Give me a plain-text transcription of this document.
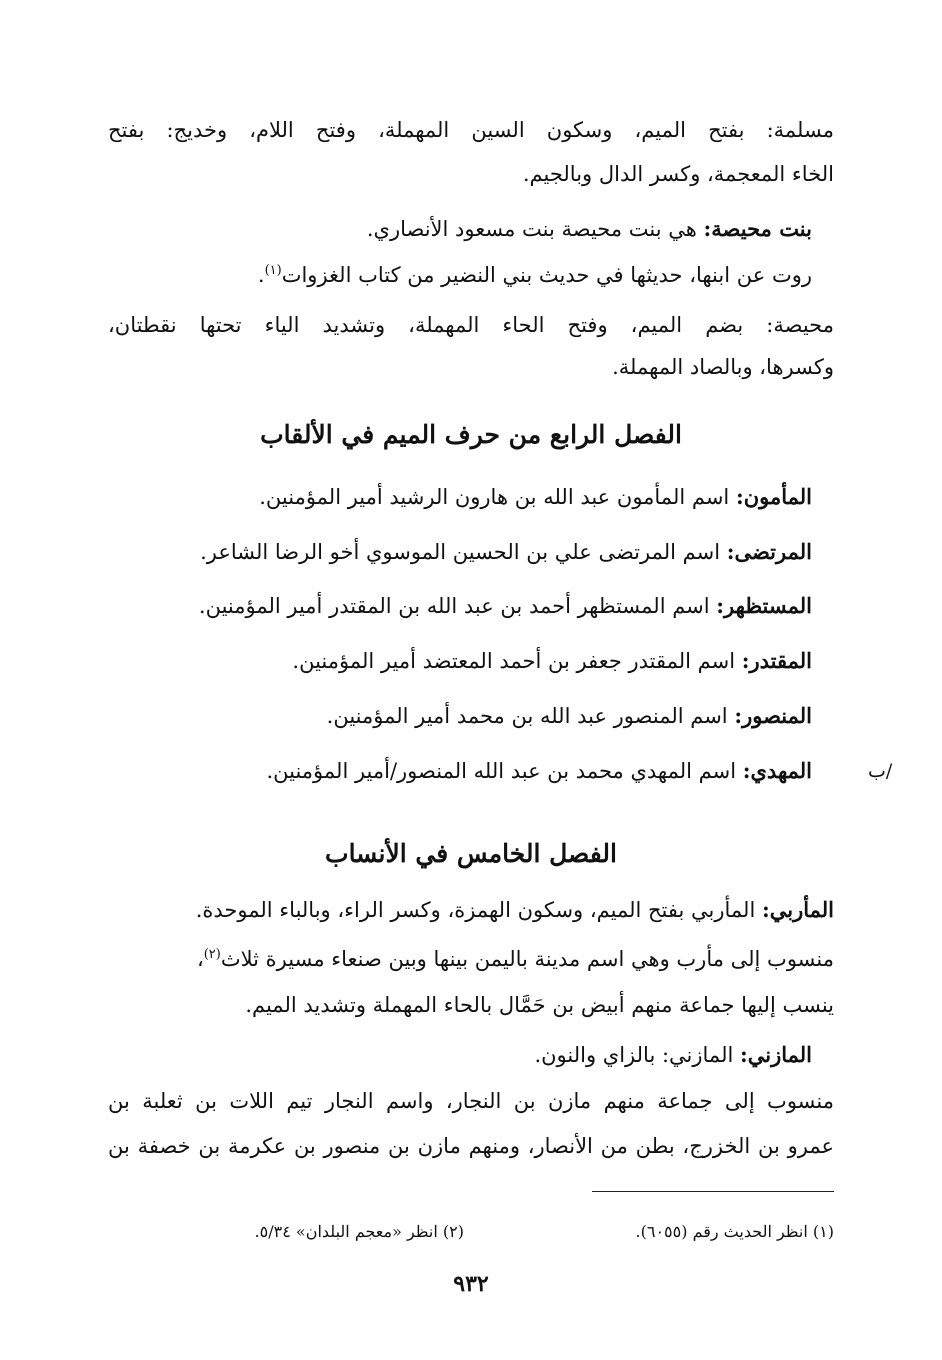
مسلمة: بفتح الميم، وسكون السين المهملة، وفتح اللام، وخديج: بفتح
الخاء المعجمة، وكسر الدال وبالجيم.
بنت محيصة: هي بنت محيصة بنت مسعود الأنصاري.
روت عن ابنها، حديثها في حديث بني النضير من كتاب الغزوات$^{(١)}$.
محيصة: بضم الميم، وفتح الحاء المهملة، وتشديد الياء تحتها نقطتان،
وكسرها، وبالصاد المهملة.
الفصل الرابع من حرف الميم في الألقاب
المأمون: اسم المأمون عبد الله بن هارون الرشيد أمير المؤمنين.
المرتضى: اسم المرتضى علي بن الحسين الموسوي أخو الرضا الشاعر.
المستظهر: اسم المستظهر أحمد بن عبد الله بن المقتدر أمير المؤمنين.
المقتدر: اسم المقتدر جعفر بن أحمد المعتضد أمير المؤمنين.
المنصور: اسم المنصور عبد الله بن محمد أمير المؤمنين.
المهدي: اسم المهدي محمد بن عبد الله المنصور/أمير المؤمنين.	/ب
الفصل الخامس في الأنساب
المأربي: المأربي بفتح الميم، وسكون الهمزة، وكسر الراء، وبالباء الموحدة.
منسوب إلى مأرب وهي اسم مدينة باليمن بينها وبين صنعاء مسيرة ثلاث$^{(٢)}$،
ينسب إليها جماعة منهم أبيض بن حَمَّال بالحاء المهملة وتشديد الميم.
المازني: المازني: بالزاي والنون.
منسوب إلى جماعة منهم مازن بن النجار، واسم النجار تيم اللات بن ثعلبة بن
عمرو بن الخزرج، بطن من الأنصار، ومنهم مازن بن منصور بن عكرمة بن خصفة بن
(١) انظر الحديث رقم (٦٠٥٥).
(٢) انظر «معجم البلدان» ٥/٣٤.
٩٣٢
